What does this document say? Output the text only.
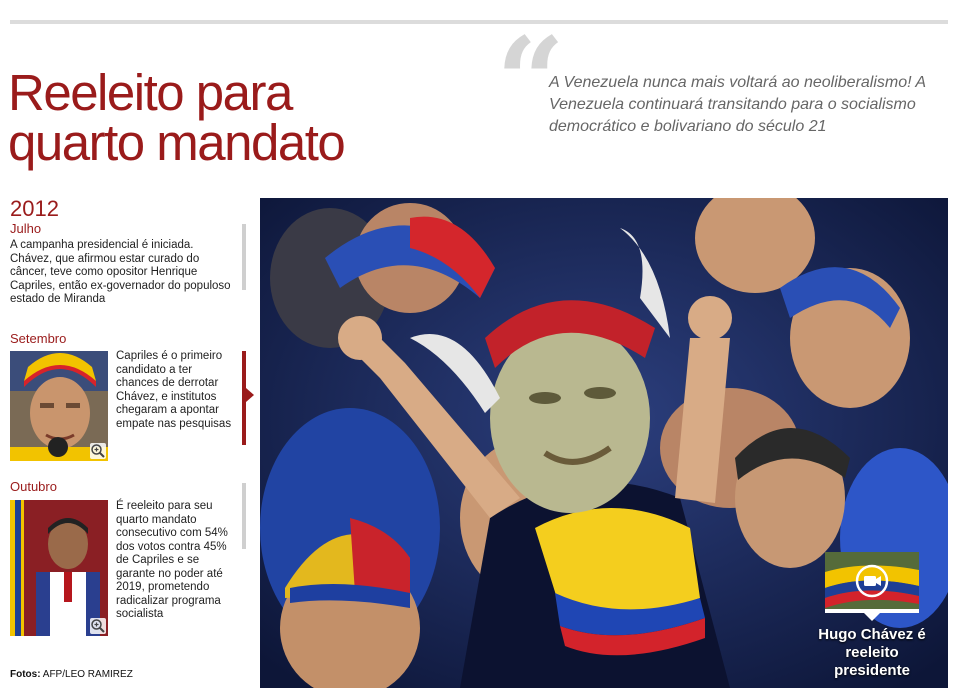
Reeleito para
quarto mandato “

A Venezuela nunca mais voltará ao neoliberalismo! A Venezuela continuará transitando para o socialismo democrático e bolivariano do século 21

2012

Julho

A campanha presidencial é iniciada. Chávez, que afirmou estar curado do câncer, teve como opositor Henrique Capriles, então ex-governador do populoso estado de Miranda

Setembro

Capriles é o primeiro candidato a ter chances de derrotar Chávez, e institutos chegaram a apontar empate nas pesquisas

Outubro

É reeleito para seu quarto mandato consecutivo com 54% dos votos contra 45% de Capriles e se garante no poder até 2019, prometendo radicalizar programa socialista

Fotos: AFP/LEO RAMIREZ

Hugo Chávez é reeleito presidente
